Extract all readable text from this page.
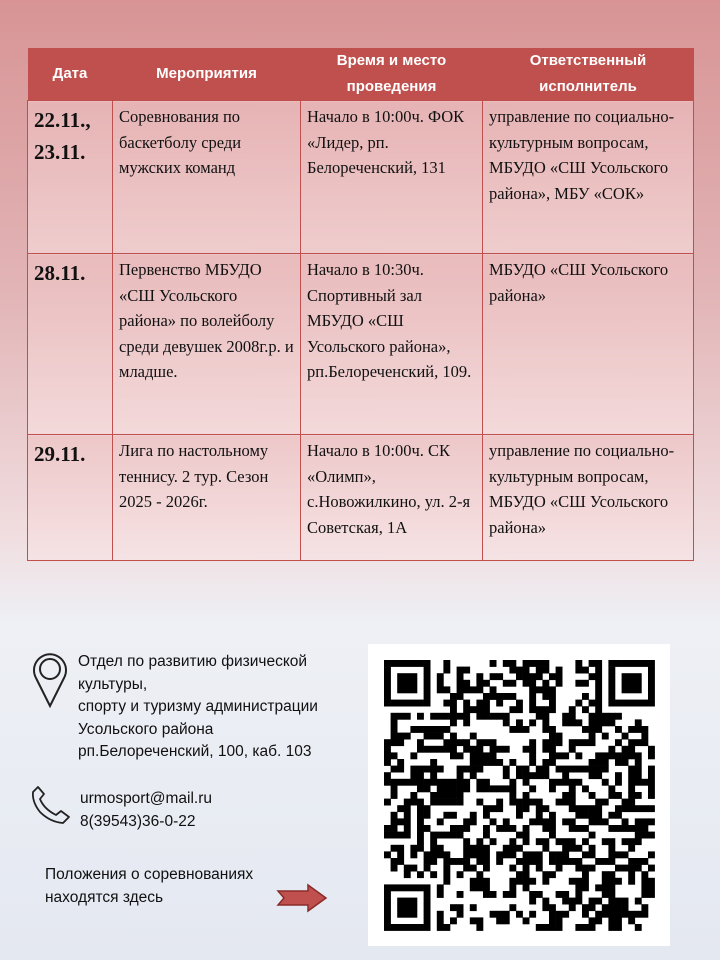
Дата	Мероприятия	Время и место проведения	Ответственный исполнитель
22.11., 23.11.	Соревнования по баскетболу среди мужских команд	Начало в 10:00ч. ФОК «Лидер, рп. Белореченский, 131	управление по социально-культурным вопросам, МБУДО «СШ Усольского района», МБУ «СОК»
28.11.	Первенство МБУДО «СШ Усольского района» по волейболу среди девушек 2008г.р. и младше.	Начало в 10:30ч. Спортивный зал МБУДО «СШ Усольского района», рп.Белореченский, 109.	МБУДО «СШ Усольского района»
29.11.	Лига по настольному теннису. 2 тур. Сезон 2025 - 2026г.	Начало в 10:00ч. СК «Олимп», с.Новожилкино, ул. 2-я Советская, 1А	управление по социально-культурным вопросам, МБУДО «СШ Усольского района»
Отдел по развитию физической
культуры,
спорту и туризму администрации
Усольского района
рп.Белореченский, 100, каб. 103
urmosport@mail.ru
8(39543)36-0-22
Положения о соревнованиях
находятся здесь
